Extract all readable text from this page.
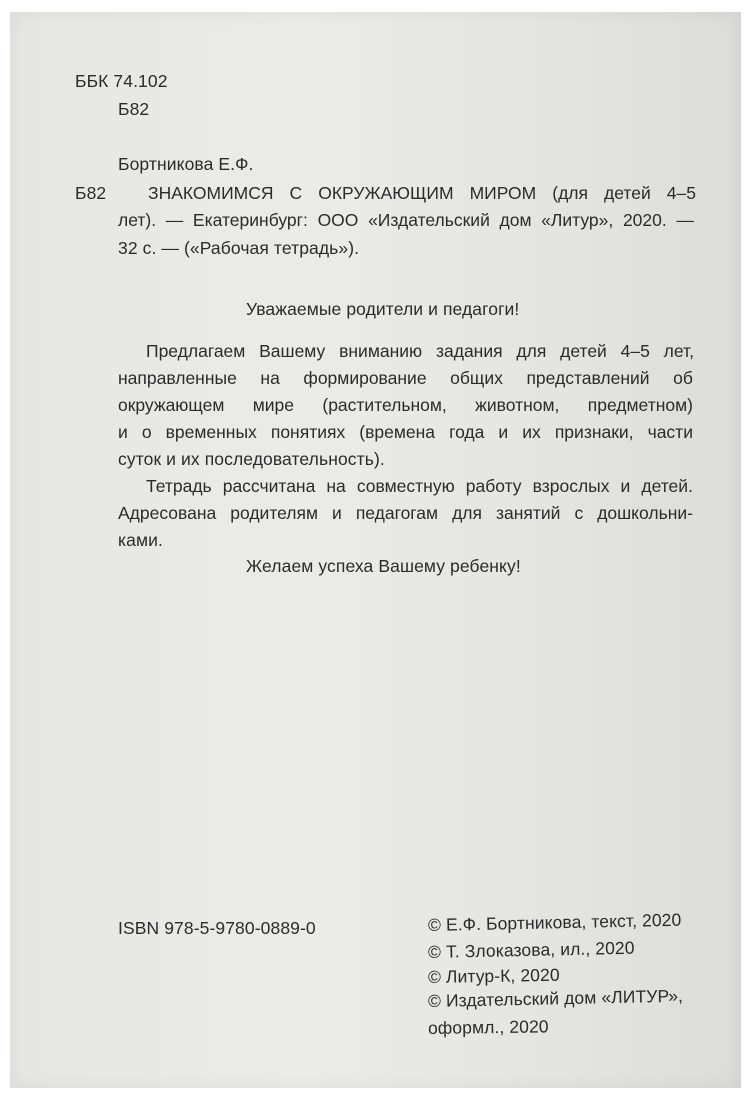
ББК 74.102
Б82
Бортникова Е.Ф.
Б82 ЗНАКОМИМСЯ С ОКРУЖАЮЩИМ МИРОМ (для детей 4–5
лет). — Екатеринбург: ООО «Издательский дом «Литур», 2020. —
32 с. — («Рабочая тетрадь»).
Уважаемые родители и педагоги!
Предлагаем Вашему вниманию задания для детей 4–5 лет,
направленные на формирование общих представлений об
окружающем мире (растительном, животном, предметном)
и о временных понятиях (времена года и их признаки, части
суток и их последовательность).
Тетрадь рассчитана на совместную работу взрослых и детей.
Адресована родителям и педагогам для занятий с дошкольни-
ками.
Желаем успеха Вашему ребенку!
ISBN 978-5-9780-0889-0	© Е.Ф. Бортникова, текст, 2020
© Т. Злоказова, ил., 2020
© Литур-К, 2020
© Издательский дом «ЛИТУР»,
оформл., 2020
